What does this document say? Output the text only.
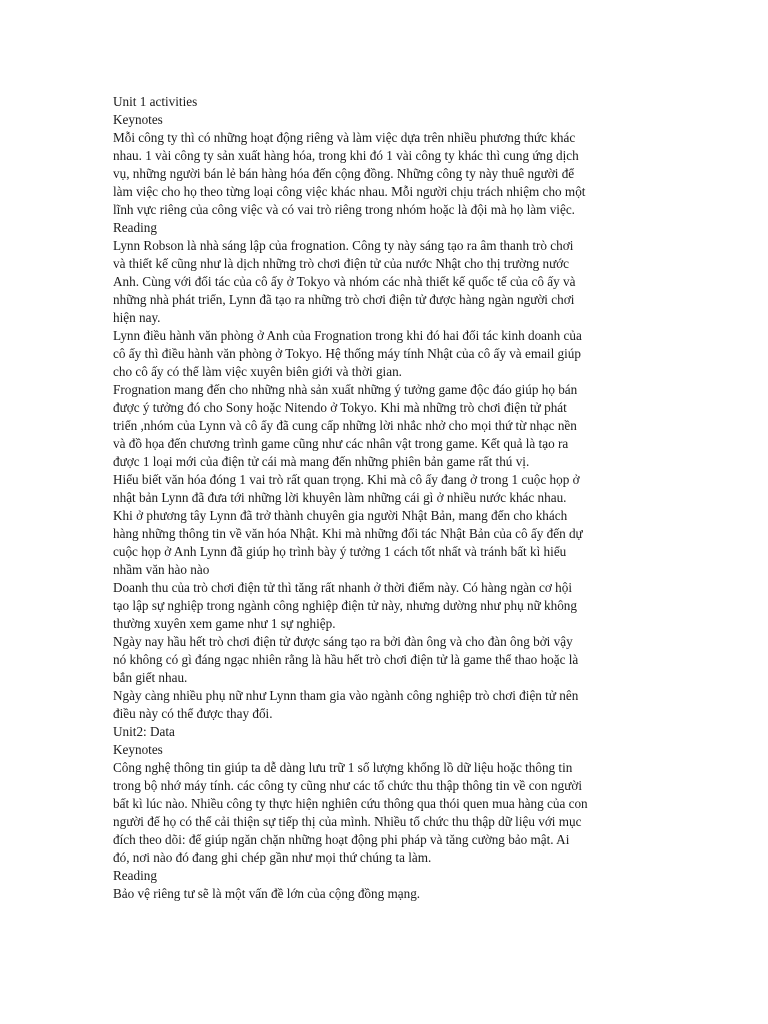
Unit 1 activities

Keynotes

Mỗi công ty thì có những hoạt động riêng và làm việc dựa trên nhiều phương thức khác

nhau. 1 vài công ty sản xuất hàng hóa, trong khi đó 1 vài công ty khác thì cung ứng dịch

vụ, những người bán lẻ bán hàng hóa đến cộng đồng. Những công ty này thuê người để

làm việc cho họ theo từng loại công việc khác nhau. Mỗi người chịu trách nhiệm cho một

lĩnh vực riêng của công việc và có vai trò riêng trong nhóm hoặc là đội mà họ làm việc.

Reading

Lynn Robson là nhà sáng lập của frognation. Công ty này sáng tạo ra âm thanh trò chơi

và thiết kế cũng như là dịch những trò chơi điện tử của nước Nhật cho thị trường nước

Anh. Cùng với đối tác của cô ấy ở Tokyo và nhóm các nhà thiết kế quốc tế của cô ấy và

những nhà phát triển, Lynn đã tạo ra những trò chơi điện tử được hàng ngàn người chơi

hiện nay.

Lynn điều hành văn phòng ở Anh của Frognation trong khi đó hai đối tác kinh doanh của

cô ấy thì điều hành văn phòng ở Tokyo. Hệ thống máy tính Nhật của cô ấy và email giúp

cho cô ấy có thể làm việc xuyên biên giới và thời gian.

Frognation mang đến cho những nhà sản xuất những ý tưởng game độc đáo giúp họ bán

được ý tưởng đó cho Sony hoặc Nitendo ở Tokyo. Khi mà những trò chơi điện tử phát

triển ,nhóm của Lynn và cô ấy đã cung cấp những lời nhắc nhở cho mọi thứ từ nhạc nền

và đồ họa đến chương trình game cũng như các nhân vật trong game. Kết quả là tạo ra

được 1 loại mới của điện tử cái mà mang đến những phiên bản game rất thú vị.

Hiểu biết văn hóa đóng 1 vai trò rất quan trọng. Khi mà cô ấy đang ở trong 1 cuộc họp ở

nhật bản Lynn đã đưa tới những lời khuyên làm những cái gì ở nhiều nước khác nhau.

Khi ở phương tây Lynn đã trở thành chuyên gia người Nhật Bản, mang đến cho khách

hàng những thông tin về văn hóa Nhật. Khi mà những đối tác Nhật Bản của cô ấy đến dự

cuộc họp ở Anh Lynn đã giúp họ trình bày ý tưởng 1 cách tốt nhất và tránh bất kì hiểu

nhầm văn hào nào

Doanh thu của trò chơi điện tử thì tăng rất nhanh ở thời điểm này. Có hàng ngàn cơ hội

tạo lập sự nghiệp trong ngành công nghiệp điện tử này, nhưng dường như phụ nữ không

thường xuyên xem game như 1 sự nghiệp.

Ngày nay hầu hết trò chơi điện tử được sáng tạo ra bởi đàn ông và cho đàn ông bởi vậy

nó không có gì đáng ngạc nhiên rằng là hầu hết trò chơi điện tử là game thể thao hoặc là

bắn giết nhau.

Ngày càng nhiều phụ nữ như Lynn tham gia vào ngành công nghiệp trò chơi điện tử nên

điều này có thể được thay đổi.

Unit2: Data

Keynotes

Công nghệ thông tin giúp ta dễ dàng lưu trữ 1 số lượng khổng lồ dữ liệu hoặc thông tin

trong bộ nhớ máy tính. các công ty cũng như các tổ chức thu thập thông tin về con người

bất kì lúc nào. Nhiều công ty thực hiện nghiên cứu thông qua thói quen mua hàng của con

người để họ có thể cải thiện sự tiếp thị của mình. Nhiều tổ chức thu thập dữ liệu với mục

đích theo dõi: để giúp ngăn chặn những hoạt động phi pháp và tăng cường bảo mật. Ai

đó, nơi nào đó đang ghi chép gần như mọi thứ chúng ta làm.

Reading

Bảo vệ riêng tư sẽ là một vấn đề lớn của cộng đồng mạng.
